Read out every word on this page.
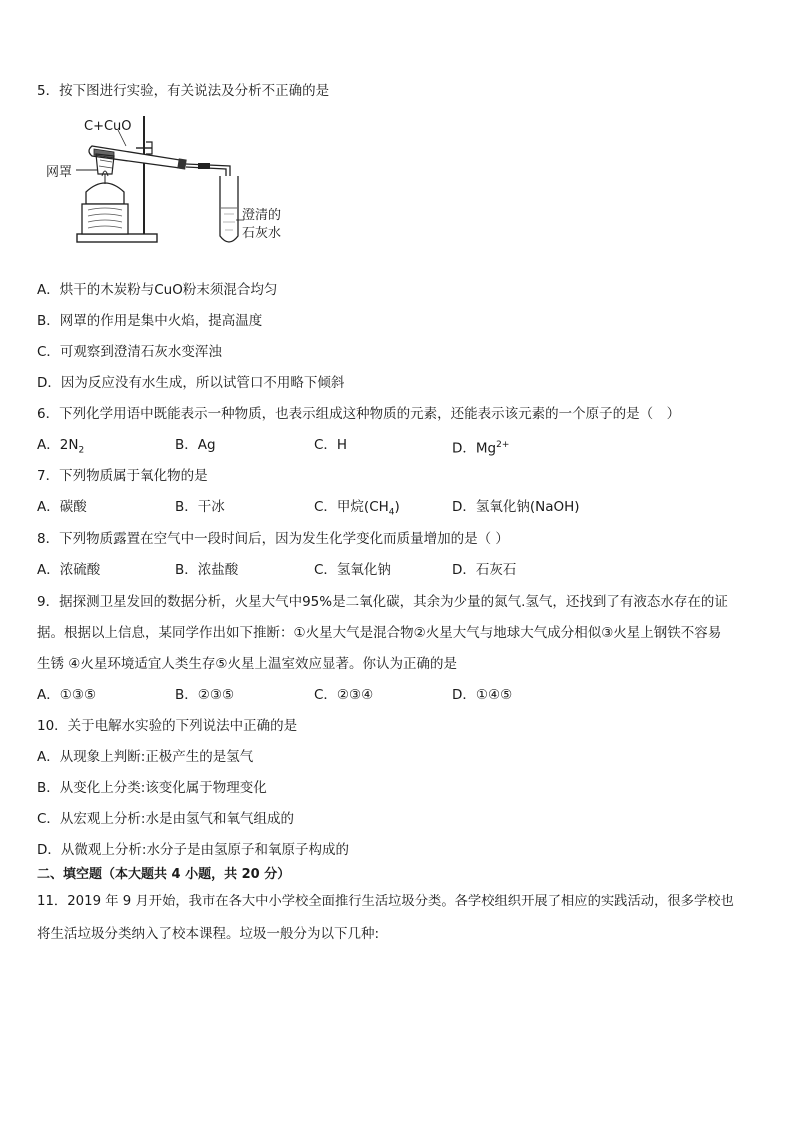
5．按下图进行实验，有关说法及分析不正确的是
C+CuO
网罩
澄清的
石灰水
A．烘干的木炭粉与CuO粉末须混合均匀
B．网罩的作用是集中火焰，提高温度
C．可观察到澄清石灰水变浑浊
D．因为反应没有水生成，所以试管口不用略下倾斜
6．下列化学用语中既能表示一种物质，也表示组成这种物质的元素，还能表示该元素的一个原子的是（　）
A．$2N_2$	B．Ag	C．H	D．$Mg^{2+}$
7．下列物质属于氧化物的是
A．碳酸	B．干冰	C．甲烷$(CH_4)$	D．氢氧化钠(NaOH)
8．下列物质露置在空气中一段时间后，因为发生化学变化而质量增加的是（ ）
A．浓硫酸	B．浓盐酸	C．氢氧化钠	D．石灰石
9．据探测卫星发回的数据分析，火星大气中95%是二氧化碳，其余为少量的氮气.氢气，还找到了有液态水存在的证
据。根据以上信息，某同学作出如下推断：①火星大气是混合物②火星大气与地球大气成分相似③火星上钢铁不容易
生锈 ④火星环境适宜人类生存⑤火星上温室效应显著。你认为正确的是
A．①③⑤	B．②③⑤	C．②③④	D．①④⑤
10．关于电解水实验的下列说法中正确的是
A．从现象上判断:正极产生的是氢气
B．从变化上分类:该变化属于物理变化
C．从宏观上分析:水是由氢气和氧气组成的
D．从微观上分析:水分子是由氢原子和氧原子构成的
二、填空题（本大题共 4 小题，共 20 分）
11．2019 年 9 月开始，我市在各大中小学校全面推行生活垃圾分类。各学校组织开展了相应的实践活动，很多学校也
将生活垃圾分类纳入了校本课程。垃圾一般分为以下几种:
